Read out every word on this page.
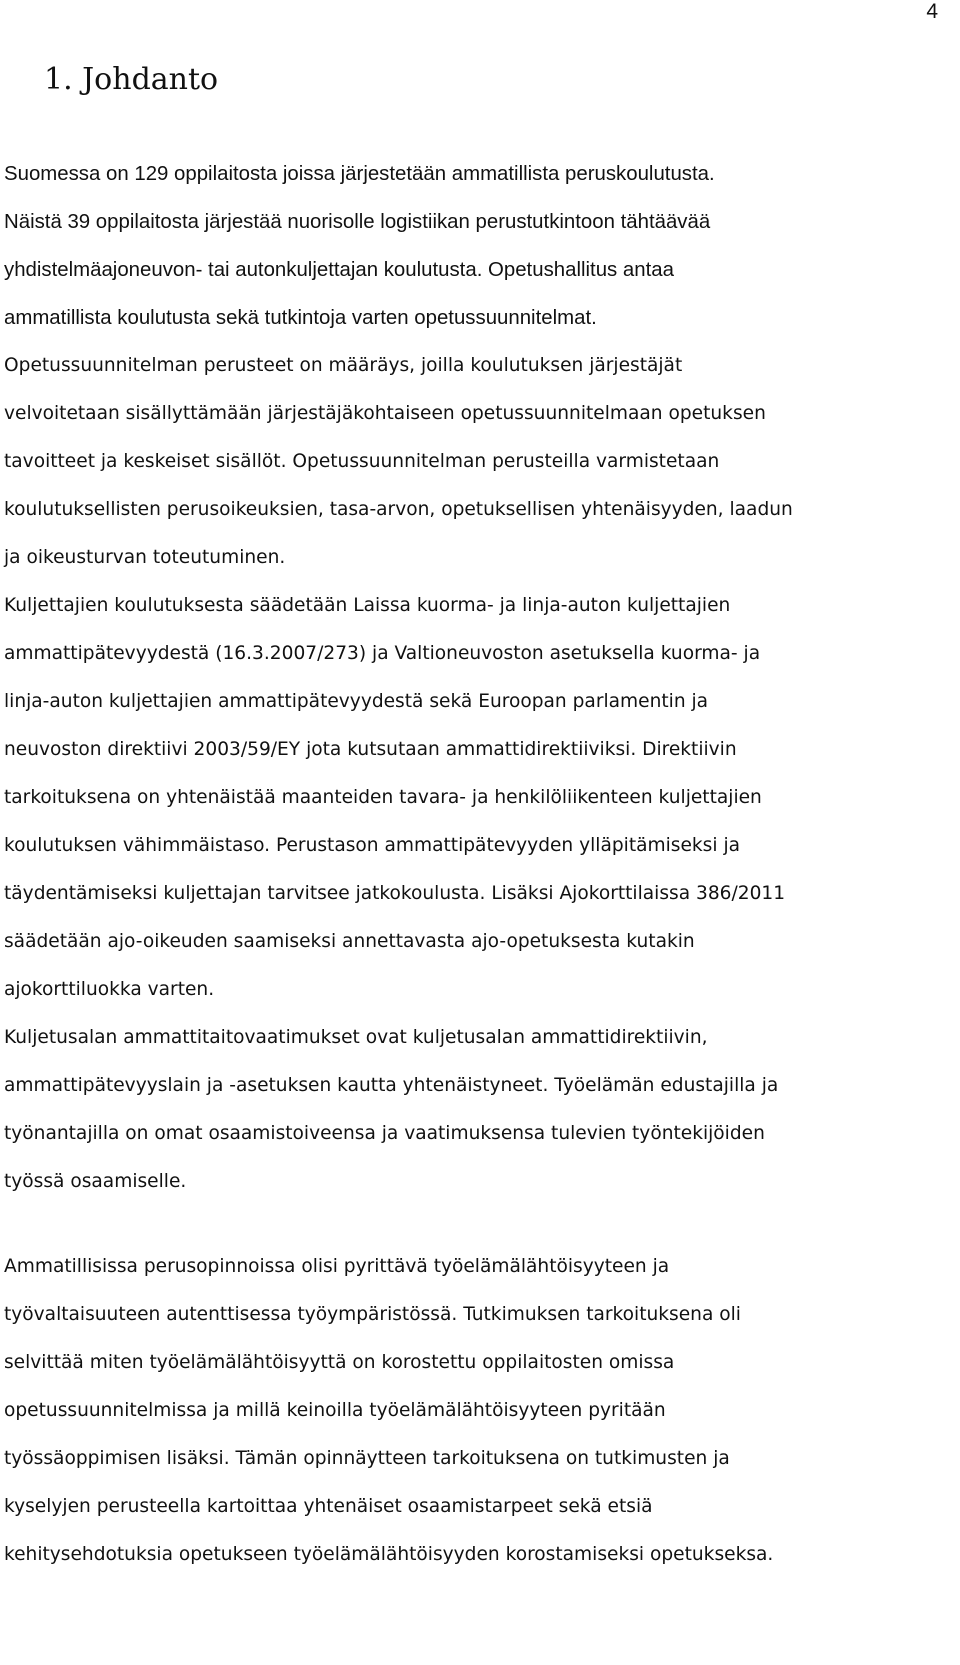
4
1. Johdanto
Suomessa on 129 oppilaitosta joissa järjestetään ammatillista peruskoulutusta.
Näistä 39 oppilaitosta järjestää nuorisolle logistiikan perustutkintoon tähtäävää
yhdistelmäajoneuvon- tai autonkuljettajan koulutusta. Opetushallitus antaa
ammatillista koulutusta sekä tutkintoja varten opetussuunnitelmat.
Opetussuunnitelman perusteet on määräys, joilla koulutuksen järjestäjät
velvoitetaan sisällyttämään järjestäjäkohtaiseen opetussuunnitelmaan opetuksen
tavoitteet ja keskeiset sisällöt. Opetussuunnitelman perusteilla varmistetaan
koulutuksellisten perusoikeuksien, tasa-arvon, opetuksellisen yhtenäisyyden, laadun
ja oikeusturvan toteutuminen.
Kuljettajien koulutuksesta säädetään Laissa kuorma- ja linja-auton kuljettajien
ammattipätevyydestä (16.3.2007/273) ja Valtioneuvoston asetuksella kuorma- ja
linja-auton kuljettajien ammattipätevyydestä sekä Euroopan parlamentin ja
neuvoston direktiivi 2003/59/EY jota kutsutaan ammattidirektiiviksi. Direktiivin
tarkoituksena on yhtenäistää maanteiden tavara- ja henkilöliikenteen kuljettajien
koulutuksen vähimmäistaso. Perustason ammattipätevyyden ylläpitämiseksi ja
täydentämiseksi kuljettajan tarvitsee jatkokoulusta. Lisäksi Ajokorttilaissa 386/2011
säädetään ajo-oikeuden saamiseksi annettavasta ajo-opetuksesta kutakin
ajokorttiluokka varten.
Kuljetusalan ammattitaitovaatimukset ovat kuljetusalan ammattidirektiivin,
ammattipätevyyslain ja -asetuksen kautta yhtenäistyneet. Työelämän edustajilla ja
työnantajilla on omat osaamistoiveensa ja vaatimuksensa tulevien työntekijöiden
työssä osaamiselle.
Ammatillisissa perusopinnoissa olisi pyrittävä työelämälähtöisyyteen ja
työvaltaisuuteen autenttisessa työympäristössä. Tutkimuksen tarkoituksena oli
selvittää miten työelämälähtöisyyttä on korostettu oppilaitosten omissa
opetussuunnitelmissa ja millä keinoilla työelämälähtöisyyteen pyritään
työssäoppimisen lisäksi. Tämän opinnäytteen tarkoituksena on tutkimusten ja
kyselyjen perusteella kartoittaa yhtenäiset osaamistarpeet sekä etsiä
kehitysehdotuksia opetukseen työelämälähtöisyyden korostamiseksi opetukseksa.
